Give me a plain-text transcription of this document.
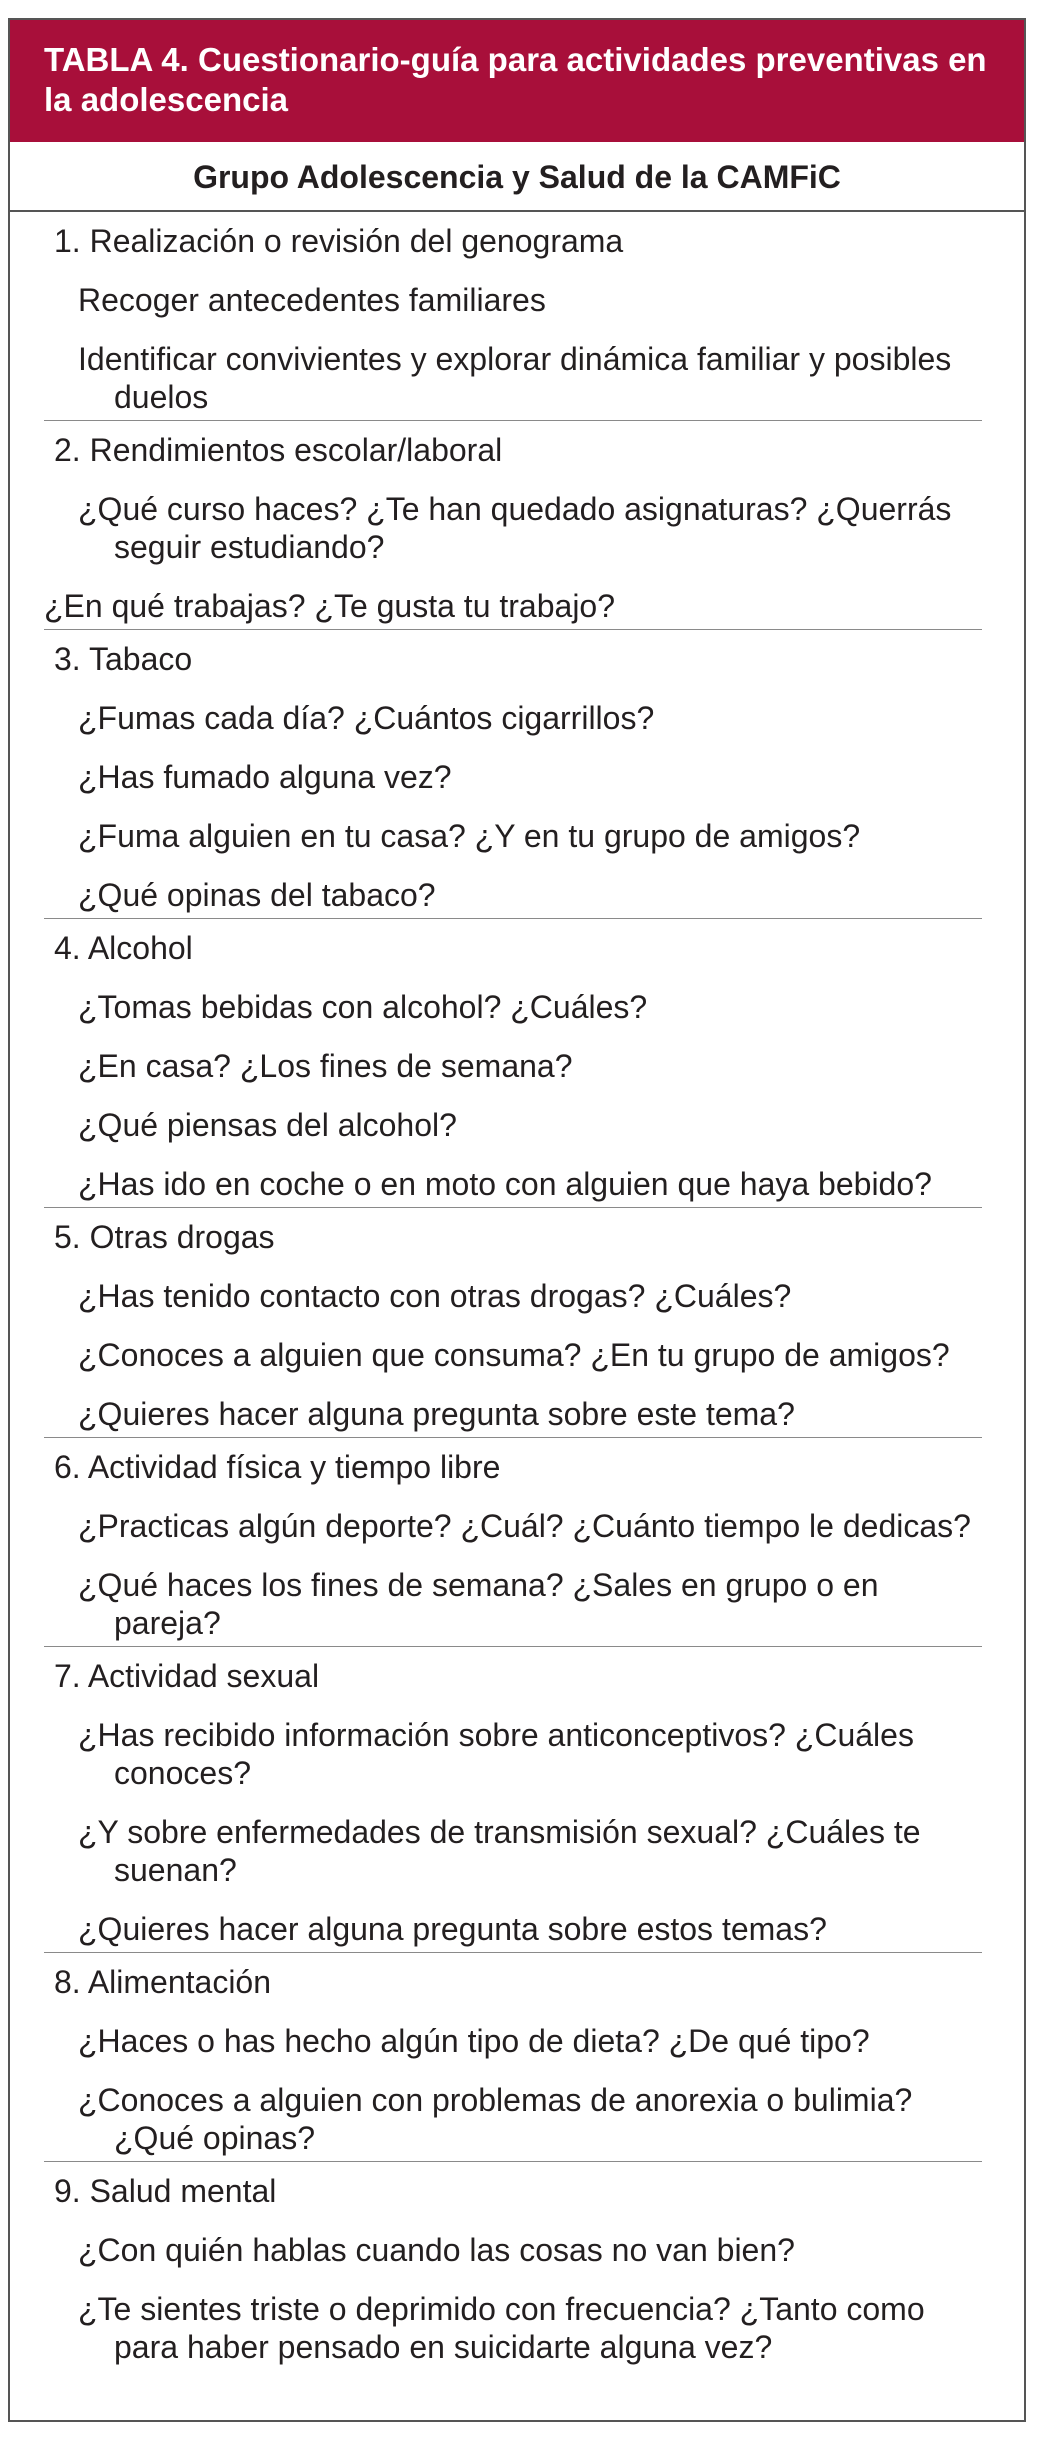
TABLA 4. Cuestionario-guía para actividades preventivas en la adolescencia
Grupo Adolescencia y Salud de la CAMFiC
1. Realización o revisión del genograma
Recoger antecedentes familiares
Identificar convivientes y explorar dinámica familiar y posibles duelos
2. Rendimientos escolar/laboral
¿Qué curso haces? ¿Te han quedado asignaturas? ¿Querrás seguir estudiando?
¿En qué trabajas? ¿Te gusta tu trabajo?
3. Tabaco
¿Fumas cada día? ¿Cuántos cigarrillos?
¿Has fumado alguna vez?
¿Fuma alguien en tu casa? ¿Y en tu grupo de amigos?
¿Qué opinas del tabaco?
4. Alcohol
¿Tomas bebidas con alcohol? ¿Cuáles?
¿En casa? ¿Los fines de semana?
¿Qué piensas del alcohol?
¿Has ido en coche o en moto con alguien que haya bebido?
5. Otras drogas
¿Has tenido contacto con otras drogas? ¿Cuáles?
¿Conoces a alguien que consuma? ¿En tu grupo de amigos?
¿Quieres hacer alguna pregunta sobre este tema?
6. Actividad física y tiempo libre
¿Practicas algún deporte? ¿Cuál? ¿Cuánto tiempo le dedicas?
¿Qué haces los fines de semana? ¿Sales en grupo o en pareja?
7. Actividad sexual
¿Has recibido información sobre anticonceptivos? ¿Cuáles conoces?
¿Y sobre enfermedades de transmisión sexual? ¿Cuáles te suenan?
¿Quieres hacer alguna pregunta sobre estos temas?
8. Alimentación
¿Haces o has hecho algún tipo de dieta? ¿De qué tipo?
¿Conoces a alguien con problemas de anorexia o bulimia? ¿Qué opinas?
9. Salud mental
¿Con quién hablas cuando las cosas no van bien?
¿Te sientes triste o deprimido con frecuencia? ¿Tanto como para haber pensado en suicidarte alguna vez?
